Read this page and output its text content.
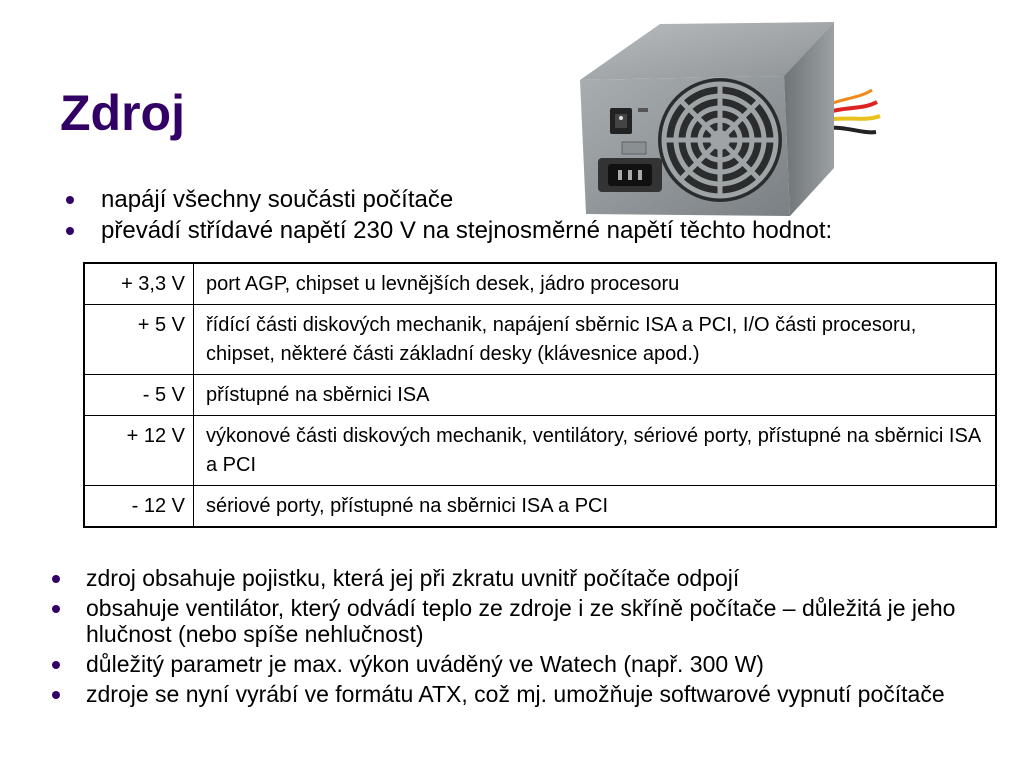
Zdroj
napájí všechny součásti počítače
převádí střídavé napětí 230 V na stejnosměrné napětí těchto hodnot:
+ 3,3 V	port AGP, chipset u levnějších desek, jádro procesoru
+ 5 V	řídící části diskových mechanik, napájení sběrnic ISA a PCI, I/O části procesoru, chipset, některé části základní desky (klávesnice apod.)
- 5 V	přístupné na sběrnici ISA
+ 12 V	výkonové části diskových mechanik, ventilátory, sériové porty, přístupné na sběrnici ISA a PCI
- 12 V	sériové porty, přístupné na sběrnici ISA a PCI
zdroj obsahuje pojistku, která jej při zkratu uvnitř počítače odpojí
obsahuje ventilátor, který odvádí teplo ze zdroje i ze skříně počítače – důležitá je jeho hlučnost (nebo spíše nehlučnost)
důležitý parametr je max. výkon uváděný ve Watech (např. 300 W)
zdroje se nyní vyrábí ve formátu ATX, což mj. umožňuje softwarové vypnutí počítače
